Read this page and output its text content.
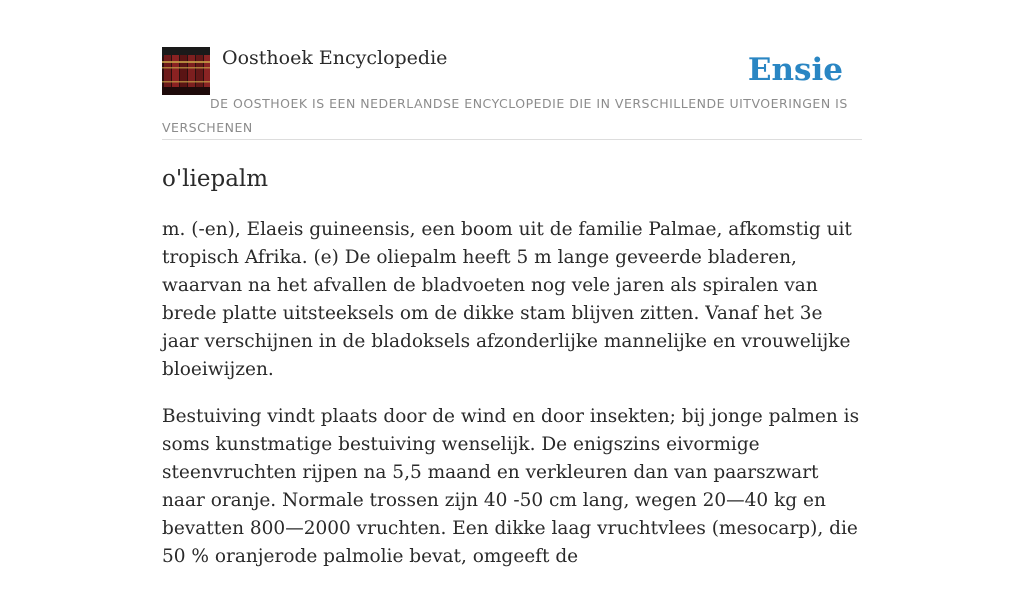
Oosthoek Encyclopedie	Ensie
DE OOSTHOEK IS EEN NEDERLANDSE ENCYCLOPEDIE DIE IN VERSCHILLENDE UITVOERINGEN IS VERSCHENEN
o'liepalm

m. (-en), Elaeis guineensis, een boom uit de familie Palmae, afkomstig uit tropisch Afrika. (e) De oliepalm heeft 5 m lange geveerde bladeren, waarvan na het afvallen de bladvoeten nog vele jaren als spiralen van brede platte uitsteeksels om de dikke stam blijven zitten. Vanaf het 3e jaar verschijnen in de bladoksels afzonderlijke mannelijke en vrouwelijke bloeiwijzen.

Bestuiving vindt plaats door de wind en door insekten; bij jonge palmen is soms kunstmatige bestuiving wenselijk. De enigszins eivormige steenvruchten rijpen na 5,5 maand en verkleuren dan van paarszwart naar oranje. Normale trossen zijn 40 -50 cm lang, wegen 20—40 kg en bevatten 800—2000 vruchten. Een dikke laag vruchtvlees (mesocarp), die 50 % oranjerode palmolie bevat, omgeeft de
